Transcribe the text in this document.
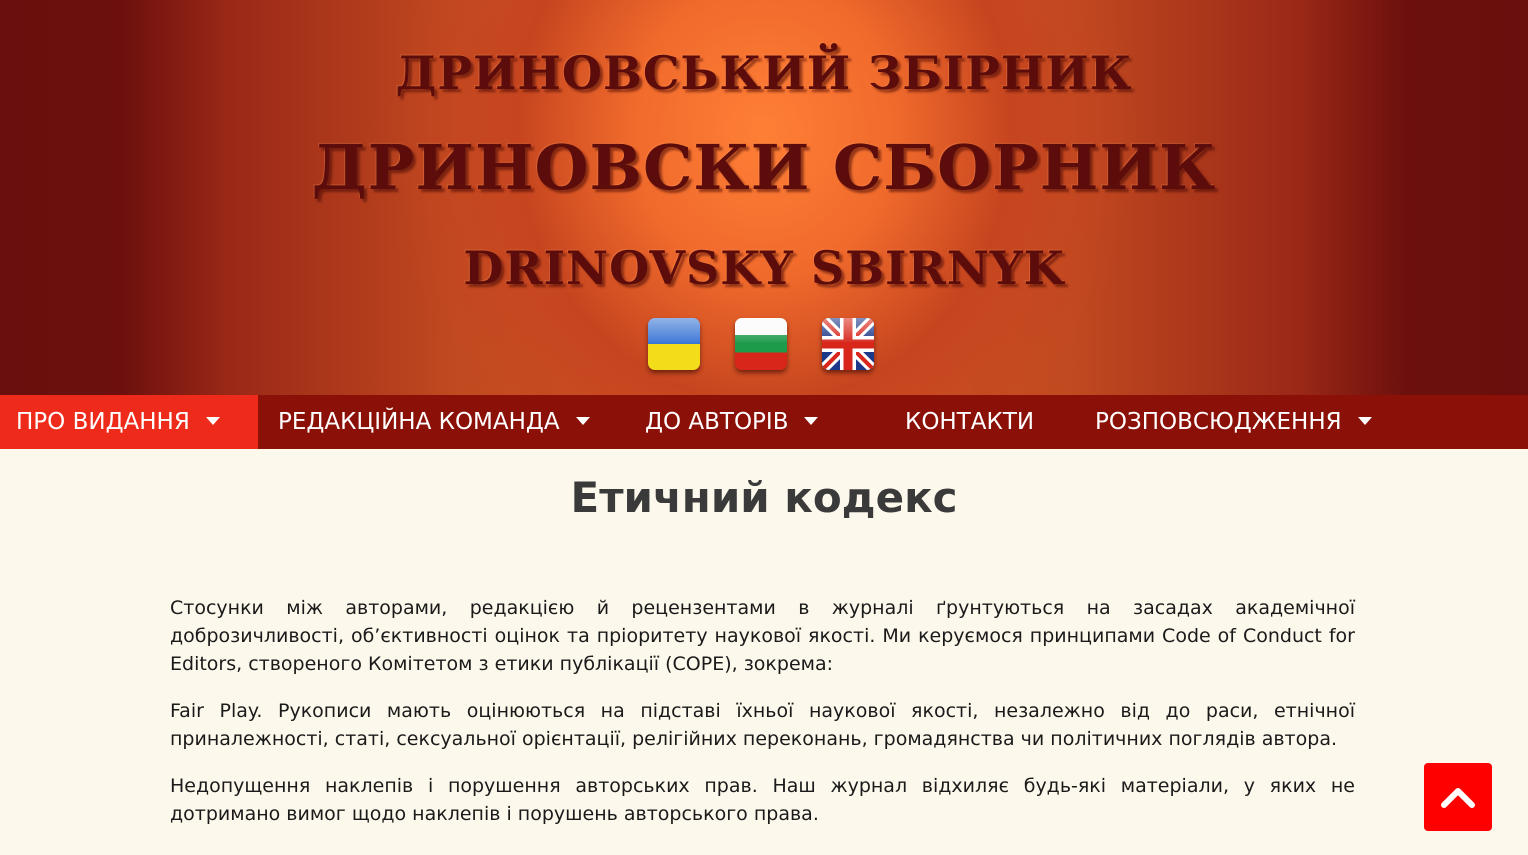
ДРИНОВСЬКИЙ ЗБІРНИК
ДРИНОВСКИ СБОРНИК
DRINOVSKY SBIRNYK
ПРО ВИДАННЯ	РЕДАКЦІЙНА КОМАНДА	ДО АВТОРІВ	КОНТАКТИ	РОЗПОВСЮДЖЕННЯ
Етичний кодекс

Стосунки між авторами, редакцією й рецензентами в журналі ґрунтуються на засадах академічної доброзичливості, об’єктивності оцінок та пріоритету наукової якості. Ми керуємося принципами Code of Conduct for Editors, створеного Комітетом з етики публікації (COPE), зокрема:

Fair Play. Рукописи мають оцінюються на підставі їхньої наукової якості, незалежно від до раси, етнічної приналежності, статі, сексуальної орієнтації, релігійних переконань, громадянства чи політичних поглядів автора.

Недопущення наклепів і порушення авторських прав. Наш журнал відхиляє будь-які матеріали, у яких не дотримано вимог щодо наклепів і порушень авторського права.
